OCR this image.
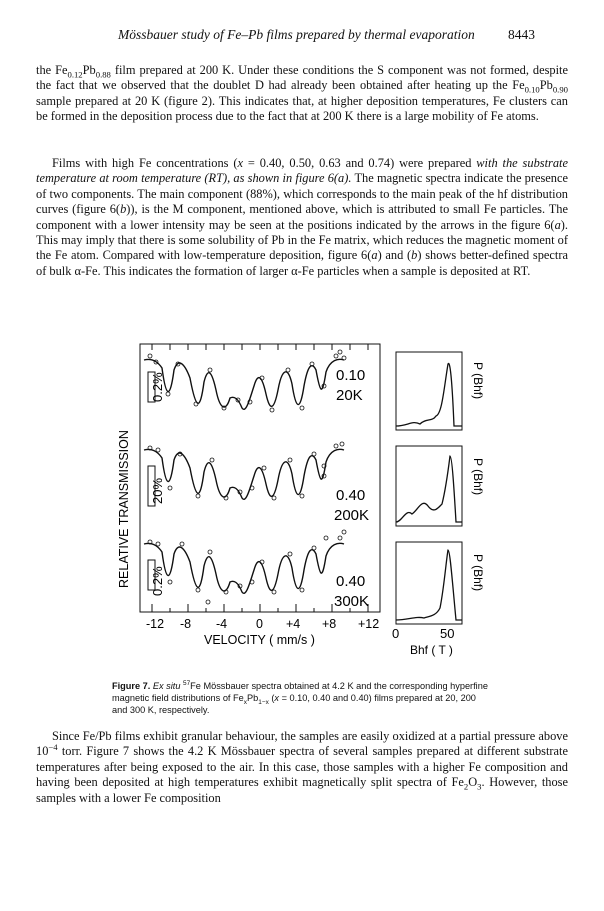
Mössbauer study of Fe–Pb films prepared by thermal evaporation 8443

the $Fe_{0.12}Pb_{0.88}$ film prepared at 200 K. Under these conditions the S component was not formed, despite the fact that we observed that the doublet D had already been obtained after heating up the $Fe_{0.10}Pb_{0.90}$ sample prepared at 20 K (figure 2). This indicates that, at higher deposition temperatures, Fe clusters can be formed in the deposition process due to the fact that at 200 K there is a large mobility of Fe atoms.

Films with high Fe concentrations (x = 0.40, 0.50, 0.63 and 0.74) were prepared with the substrate temperature at room temperature (RT), as shown in figure 6(a). The magnetic spectra indicate the presence of two components. The main component (88%), which corresponds to the main peak of the hf distribution curves (figure 6(b)), is the M component, mentioned above, which is attributed to small Fe particles. The component with a lower intensity may be seen at the positions indicated by the arrows in the figure 6(a). This may imply that there is some solubility of Pb in the Fe matrix, which reduces the magnetic moment of the Fe atom. Compared with low-temperature deposition, figure 6(a) and (b) shows better-defined spectra of bulk α-Fe. This indicates the formation of larger α-Fe particles when a sample is deposited at RT.

0.2%	0.10
20K
20%	0.40
200K
0.2%	0.40
300K
RELATIVE TRANSMISSION
-12 -8 -4 0 +4 +8 +12
VELOCITY ( mm/s )
P (Bhf)
P (Bhf)
P (Bhf)
0	50
Bhf ( T )
Figure 7. Ex situ $^{57}$Fe Mössbauer spectra obtained at 4.2 K and the corresponding hyperfine magnetic field distributions of $Fe_xPb_{1-x}$ (x = 0.10, 0.40 and 0.40) films prepared at 20, 200 and 300 K, respectively.

Since Fe/Pb films exhibit granular behaviour, the samples are easily oxidized at a partial pressure above $10^{-4}$ torr. Figure 7 shows the 4.2 K Mössbauer spectra of several samples prepared at different substrate temperatures after being exposed to the air. In this case, those samples with a higher Fe composition and having been deposited at high temperatures exhibit magnetically split spectra of $Fe_2O_3$. However, those samples with a lower Fe composition
